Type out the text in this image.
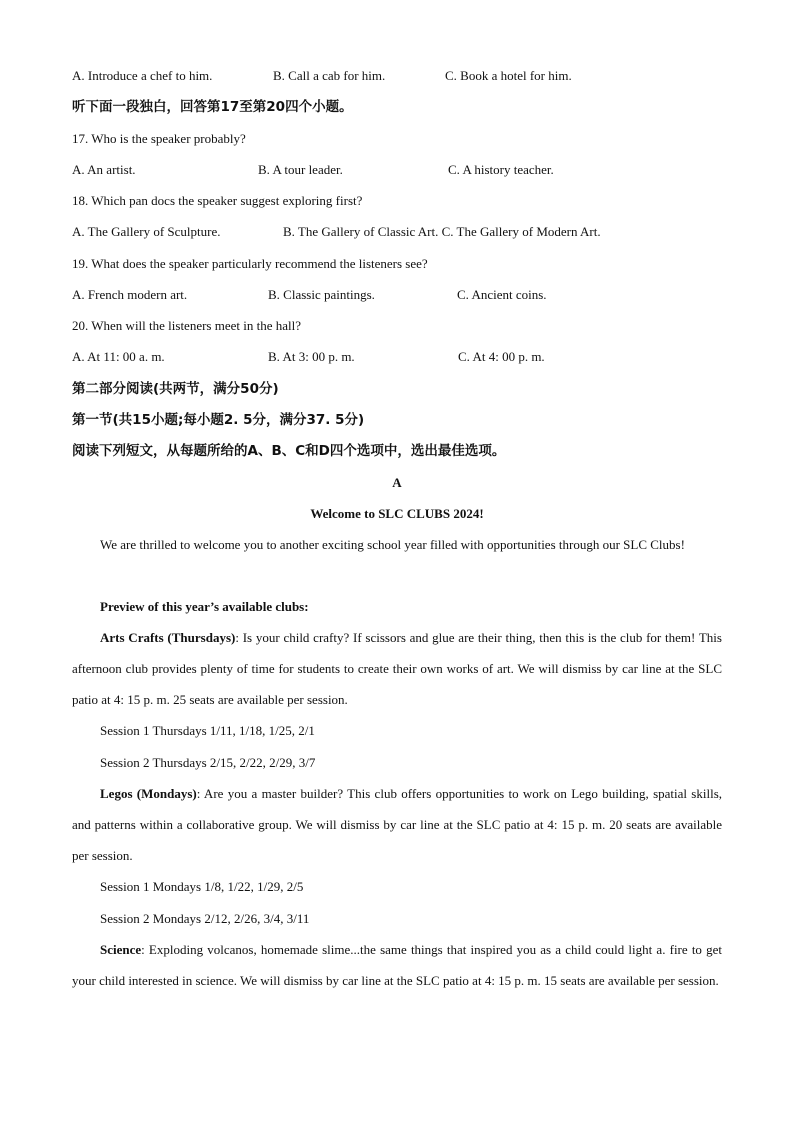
A. Introduce a chef to him.	B. Call a cab for him.	C. Book a hotel for him.
听下面一段独白，回答第17至第20四个小题。
17. Who is the speaker probably?
A. An artist.	B. A tour leader.	C. A history teacher.
18. Which pan docs the speaker suggest exploring first?
A. The Gallery of Sculpture.	B. The Gallery of Classic Art. C. The Gallery of Modern Art.
19. What does the speaker particularly recommend the listeners see?
A. French modern art.	B. Classic paintings.	C. Ancient coins.
20. When will the listeners meet in the hall?
A. At 11: 00 a. m.	B. At 3: 00 p. m.	C. At 4: 00 p. m.
第二部分阅读(共两节，满分50分)
第一节(共15小题;每小题2. 5分，满分37. 5分)
阅读下列短文，从每题所给的A、B、C和D四个选项中，选出最佳选项。
A
Welcome to SLC CLUBS 2024!
We are thrilled to welcome you to another exciting school year filled with opportunities through our SLC Clubs!
Preview of this year’s available clubs:
Arts Crafts (Thursdays): Is your child crafty? If scissors and glue are their thing, then this is the club for them! This afternoon club provides plenty of time for students to create their own works of art. We will dismiss by car line at the SLC patio at 4: 15 p. m. 25 seats are available per session.
Session 1 Thursdays 1/11, 1/18, 1/25, 2/1
Session 2 Thursdays 2/15, 2/22, 2/29, 3/7
Legos (Mondays): Are you a master builder? This club offers opportunities to work on Lego building, spatial skills, and patterns within a collaborative group. We will dismiss by car line at the SLC patio at 4: 15 p. m. 20 seats are available per session.
Session 1 Mondays 1/8, 1/22, 1/29, 2/5
Session 2 Mondays 2/12, 2/26, 3/4, 3/11
Science: Exploding volcanos, homemade slime...the same things that inspired you as a child could light a. fire to get your child interested in science. We will dismiss by car line at the SLC patio at 4: 15 p. m. 15 seats are available per session.
